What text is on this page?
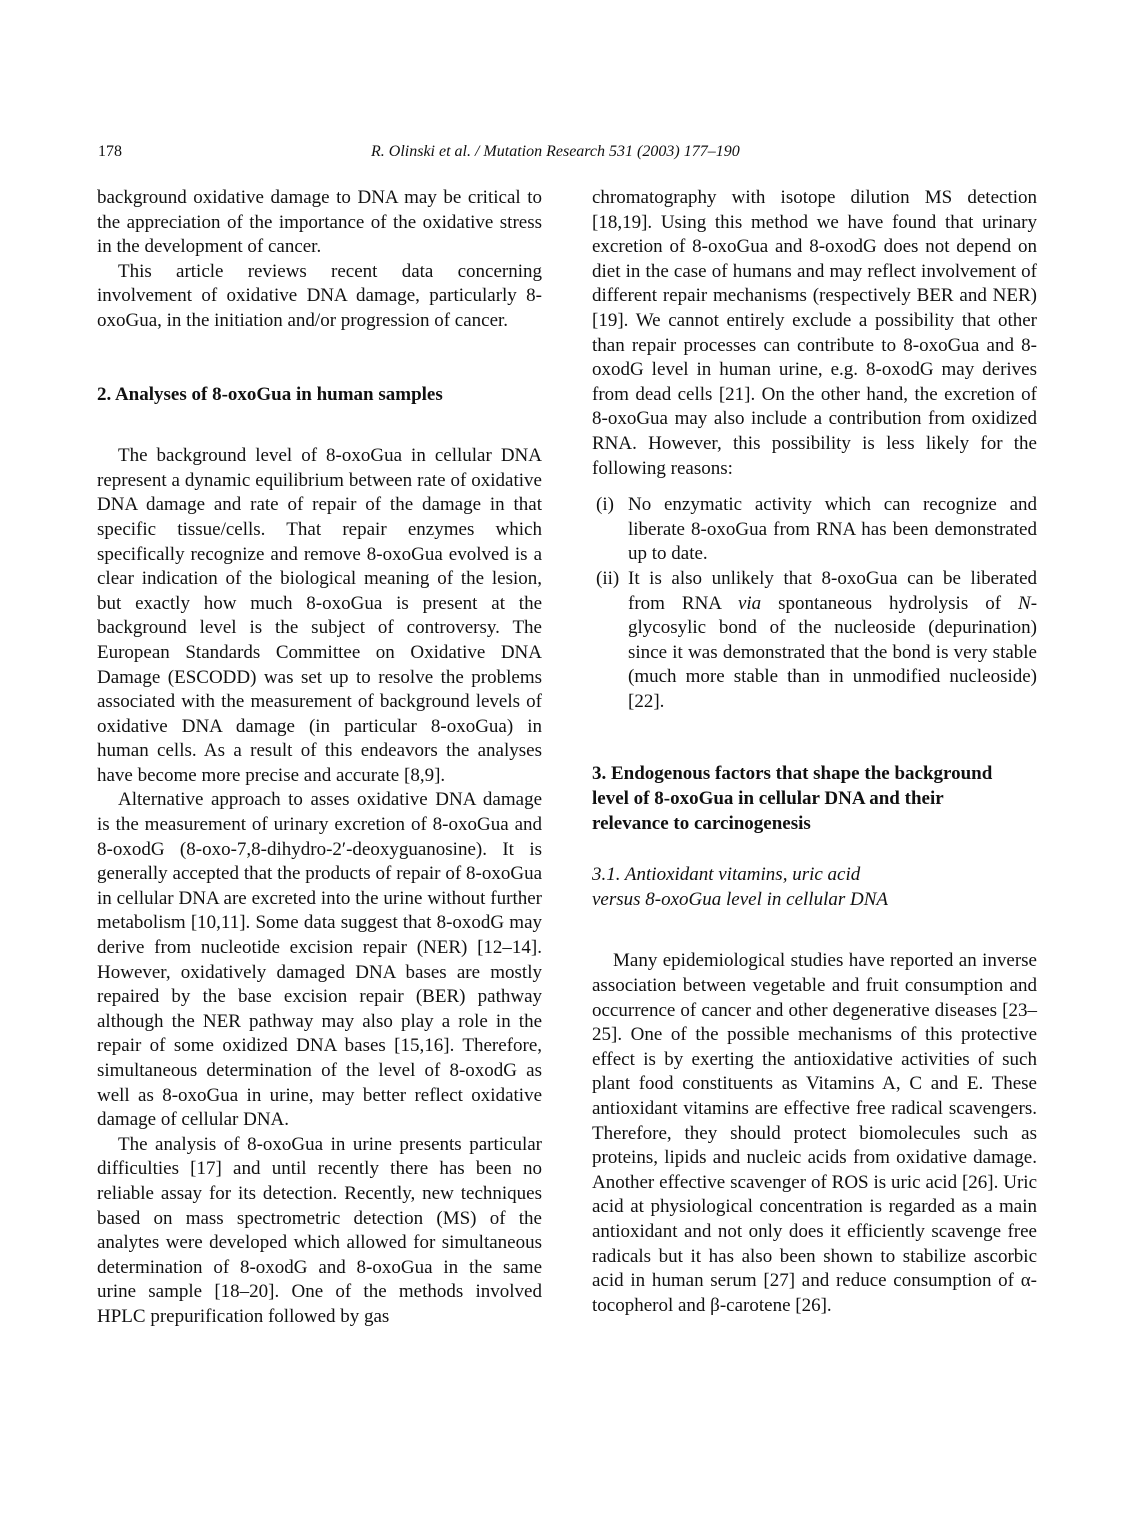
178	R. Olinski et al. / Mutation Research 531 (2003) 177–190

background oxidative damage to DNA may be critical to the appreciation of the importance of the oxidative stress in the development of cancer.

This article reviews recent data concerning involvement of oxidative DNA damage, particularly 8-oxoGua, in the initiation and/or progression of cancer.

2. Analyses of 8-oxoGua in human samples

The background level of 8-oxoGua in cellular DNA represent a dynamic equilibrium between rate of oxidative DNA damage and rate of repair of the damage in that specific tissue/cells. That repair enzymes which specifically recognize and remove 8-oxoGua evolved is a clear indication of the biological meaning of the lesion, but exactly how much 8-oxoGua is present at the background level is the subject of controversy. The European Standards Committee on Oxidative DNA Damage (ESCODD) was set up to resolve the problems associated with the measurement of background levels of oxidative DNA damage (in particular 8-oxoGua) in human cells. As a result of this endeavors the analyses have become more precise and accurate [8,9].

Alternative approach to asses oxidative DNA damage is the measurement of urinary excretion of 8-oxoGua and 8-oxodG (8-oxo-7,8-dihydro-2′-deoxyguanosine). It is generally accepted that the products of repair of 8-oxoGua in cellular DNA are excreted into the urine without further metabolism [10,11]. Some data suggest that 8-oxodG may derive from nucleotide excision repair (NER) [12–14]. However, oxidatively damaged DNA bases are mostly repaired by the base excision repair (BER) pathway although the NER pathway may also play a role in the repair of some oxidized DNA bases [15,16]. Therefore, simultaneous determination of the level of 8-oxodG as well as 8-oxoGua in urine, may better reflect oxidative damage of cellular DNA.

The analysis of 8-oxoGua in urine presents particular difficulties [17] and until recently there has been no reliable assay for its detection. Recently, new techniques based on mass spectrometric detection (MS) of the analytes were developed which allowed for simultaneous determination of 8-oxodG and 8-oxoGua in the same urine sample [18–20]. One of the methods involved HPLC prepurification followed by gas

chromatography with isotope dilution MS detection [18,19]. Using this method we have found that urinary excretion of 8-oxoGua and 8-oxodG does not depend on diet in the case of humans and may reflect involvement of different repair mechanisms (respectively BER and NER) [19]. We cannot entirely exclude a possibility that other than repair processes can contribute to 8-oxoGua and 8-oxodG level in human urine, e.g. 8-oxodG may derives from dead cells [21]. On the other hand, the excretion of 8-oxoGua may also include a contribution from oxidized RNA. However, this possibility is less likely for the following reasons:

(i) No enzymatic activity which can recognize and liberate 8-oxoGua from RNA has been demonstrated up to date.
(ii) It is also unlikely that 8-oxoGua can be liberated from RNA via spontaneous hydrolysis of N-glycosylic bond of the nucleoside (depurination) since it was demonstrated that the bond is very stable (much more stable than in unmodified nucleoside) [22].
3. Endogenous factors that shape the background level of 8-oxoGua in cellular DNA and their relevance to carcinogenesis
3.1. Antioxidant vitamins, uric acid versus 8-oxoGua level in cellular DNA

Many epidemiological studies have reported an inverse association between vegetable and fruit consumption and occurrence of cancer and other degenerative diseases [23–25]. One of the possible mechanisms of this protective effect is by exerting the antioxidative activities of such plant food constituents as Vitamins A, C and E. These antioxidant vitamins are effective free radical scavengers. Therefore, they should protect biomolecules such as proteins, lipids and nucleic acids from oxidative damage. Another effective scavenger of ROS is uric acid [26]. Uric acid at physiological concentration is regarded as a main antioxidant and not only does it efficiently scavenge free radicals but it has also been shown to stabilize ascorbic acid in human serum [27] and reduce consumption of α-tocopherol and β-carotene [26].
